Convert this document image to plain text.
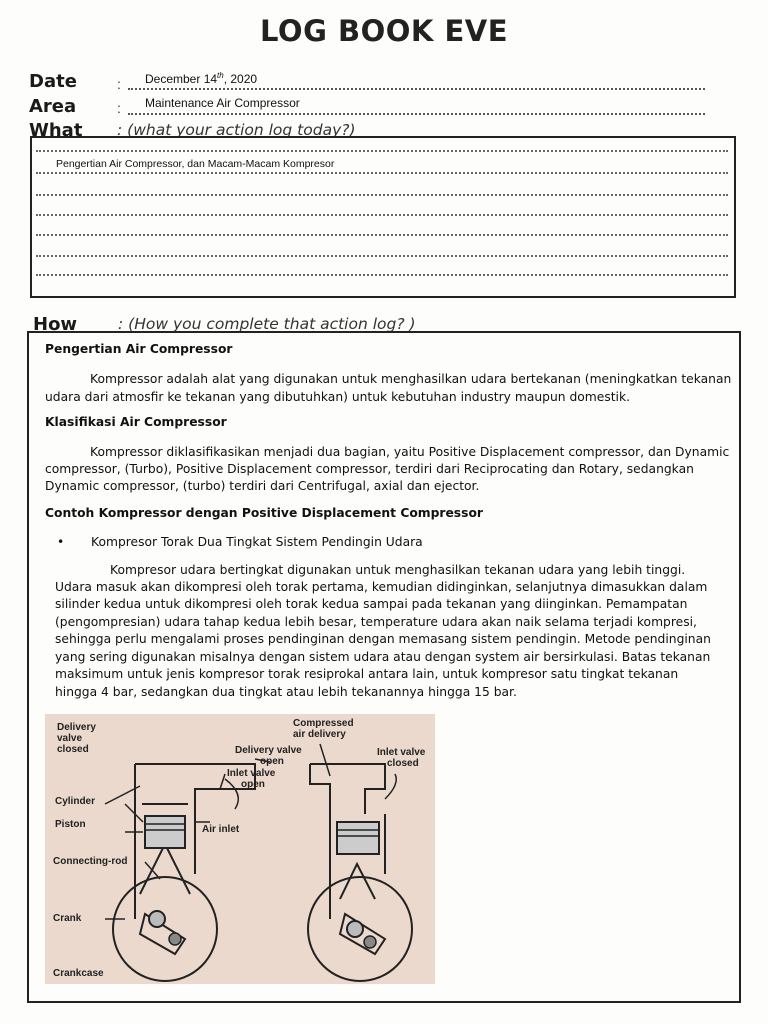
LOG BOOK EVE
Date	: December 14th, 2020
Area	: Maintenance Air Compressor
What : (what your action log today?)
Pengertian Air Compressor, dan Macam-Macam Kompresor
How	: (How you complete that action log? )

Pengertian Air Compressor

Kompressor adalah alat yang digunakan untuk menghasilkan udara bertekanan (meningkatkan tekanan udara dari atmosfir ke tekanan yang dibutuhkan) untuk kebutuhan industry maupun domestik.

Klasifikasi Air Compressor

Kompressor diklasifikasikan menjadi dua bagian, yaitu Positive Displacement compressor, dan Dynamic compressor, (Turbo), Positive Displacement compressor, terdiri dari Reciprocating dan Rotary, sedangkan Dynamic compressor, (turbo) terdiri dari Centrifugal, axial dan ejector.

Contoh Kompressor dengan Positive Displacement Compressor

• Kompresor Torak Dua Tingkat Sistem Pendingin Udara

Kompresor udara bertingkat digunakan untuk menghasilkan tekanan udara yang lebih tinggi. Udara masuk akan dikompresi oleh torak pertama, kemudian didinginkan, selanjutnya dimasukkan dalam silinder kedua untuk dikompresi oleh torak kedua sampai pada tekanan yang diinginkan. Pemampatan (pengompresian) udara tahap kedua lebih besar, temperature udara akan naik selama terjadi kompresi, sehingga perlu mengalami proses pendinginan dengan memasang sistem pendingin. Metode pendinginan yang sering digunakan misalnya dengan sistem udara atau dengan system air bersirkulasi. Batas tekanan maksimum untuk jenis kompresor torak resiprokal antara lain, untuk kompresor satu tingkat tekanan hingga 4 bar, sedangkan dua tingkat atau lebih tekanannya hingga 15 bar.

Delivery
valve
closed
Compressed
air delivery
Delivery valve
open
Inlet valve
open
Inlet valve
closed
Cylinder
Piston	Air inlet
Connecting-rod
Crank
Crankcase
